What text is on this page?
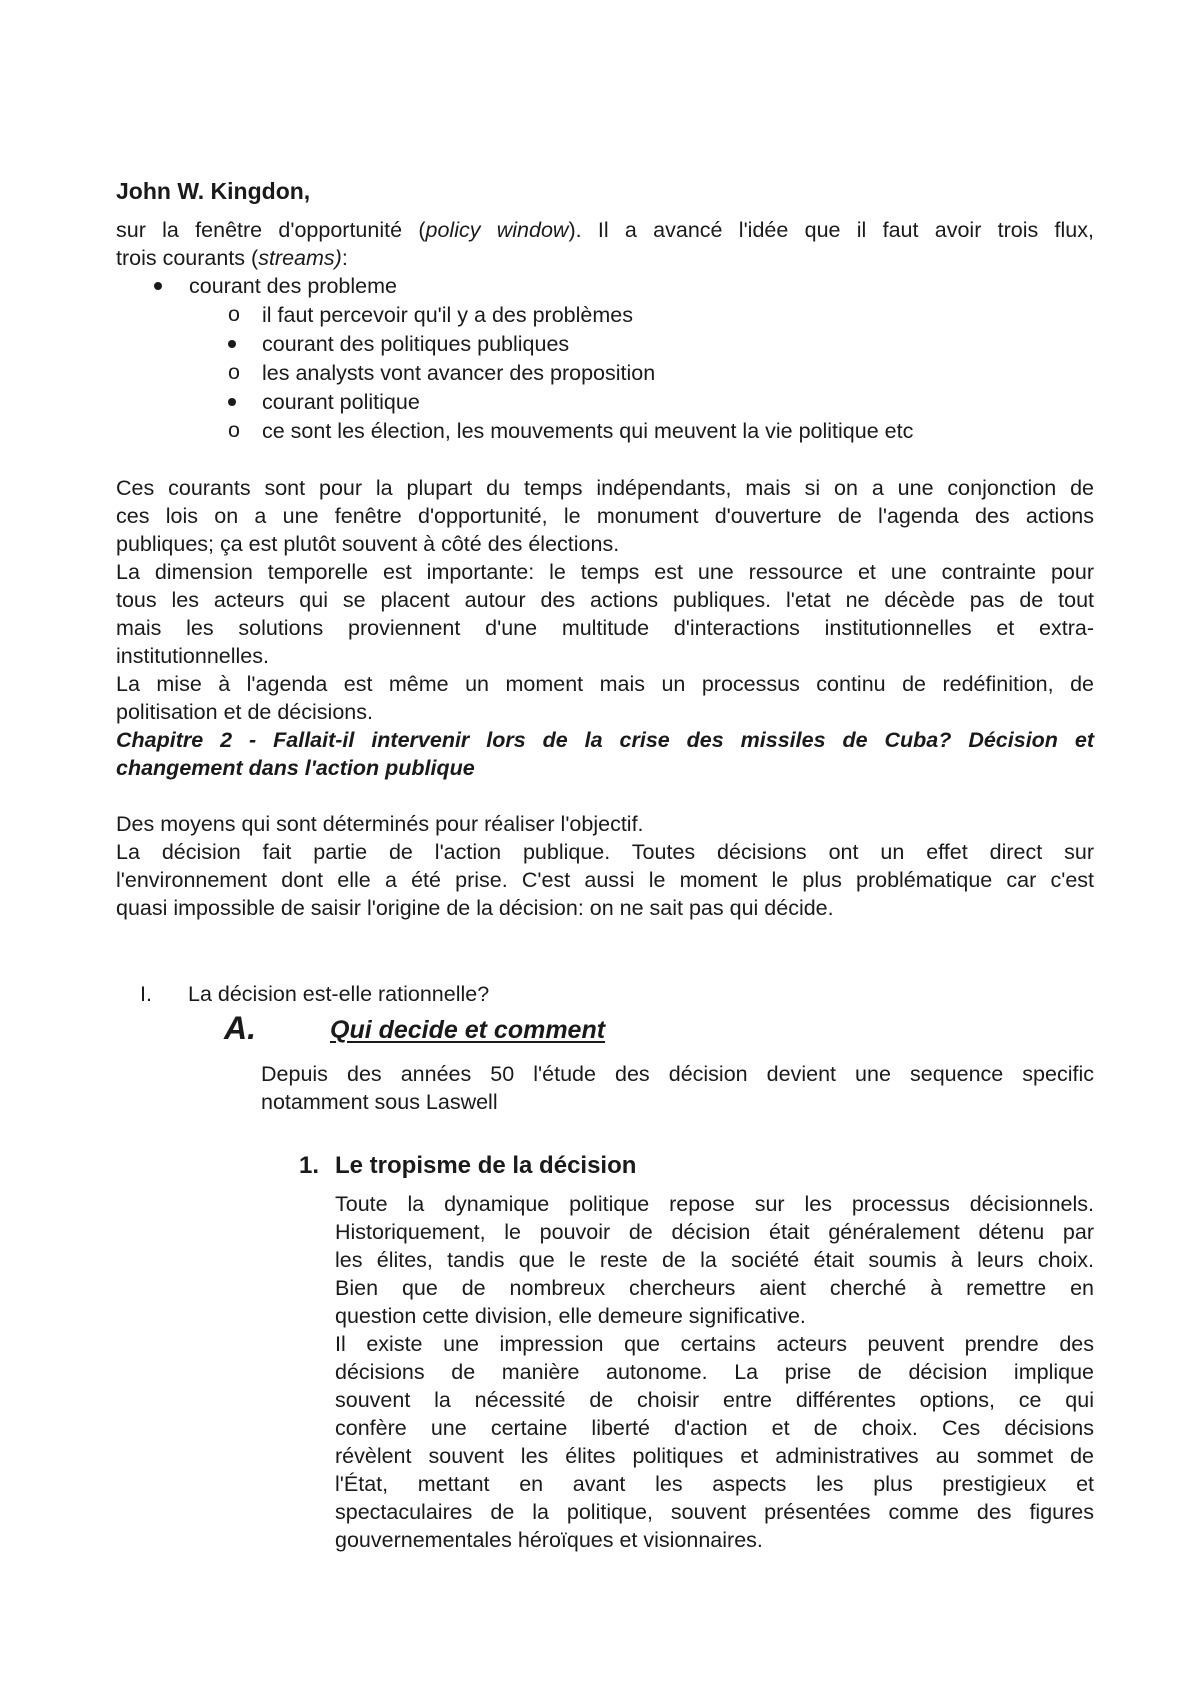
John W. Kingdon,
sur la fenêtre d'opportunité (policy window). Il a avancé l'idée que il faut avoir trois flux,
trois courants (streams):
courant des probleme
o il faut percevoir qu'il y a des problèmes
courant des politiques publiques
o les analysts vont avancer des proposition
courant politique
o ce sont les élection, les mouvements qui meuvent la vie politique etc
Ces courants sont pour la plupart du temps indépendants, mais si on a une conjonction de
ces lois on a une fenêtre d'opportunité, le monument d'ouverture de l'agenda des actions
publiques; ça est plutôt souvent à côté des élections.
La dimension temporelle est importante: le temps est une ressource et une contrainte pour
tous les acteurs qui se placent autour des actions publiques. l'etat ne décède pas de tout
mais les solutions proviennent d'une multitude d'interactions institutionnelles et extra-
institutionnelles.
La mise à l'agenda est même un moment mais un processus continu de redéfinition, de
politisation et de décisions.
Chapitre 2 - Fallait-il intervenir lors de la crise des missiles de Cuba? Décision et
changement dans l'action publique
Des moyens qui sont déterminés pour réaliser l'objectif.
La décision fait partie de l'action publique. Toutes décisions ont un effet direct sur
l'environnement dont elle a été prise. C'est aussi le moment le plus problématique car c'est
quasi impossible de saisir l'origine de la décision: on ne sait pas qui décide.
I. La décision est-elle rationnelle?
A.	Qui decide et comment
Depuis des années 50 l'étude des décision devient une sequence specific
notamment sous Laswell
1. Le tropisme de la décision
Toute la dynamique politique repose sur les processus décisionnels.
Historiquement, le pouvoir de décision était généralement détenu par
les élites, tandis que le reste de la société était soumis à leurs choix.
Bien que de nombreux chercheurs aient cherché à remettre en
question cette division, elle demeure significative.
Il existe une impression que certains acteurs peuvent prendre des
décisions de manière autonome. La prise de décision implique
souvent la nécessité de choisir entre différentes options, ce qui
confère une certaine liberté d'action et de choix. Ces décisions
révèlent souvent les élites politiques et administratives au sommet de
l'État, mettant en avant les aspects les plus prestigieux et
spectaculaires de la politique, souvent présentées comme des figures
gouvernementales héroïques et visionnaires.
